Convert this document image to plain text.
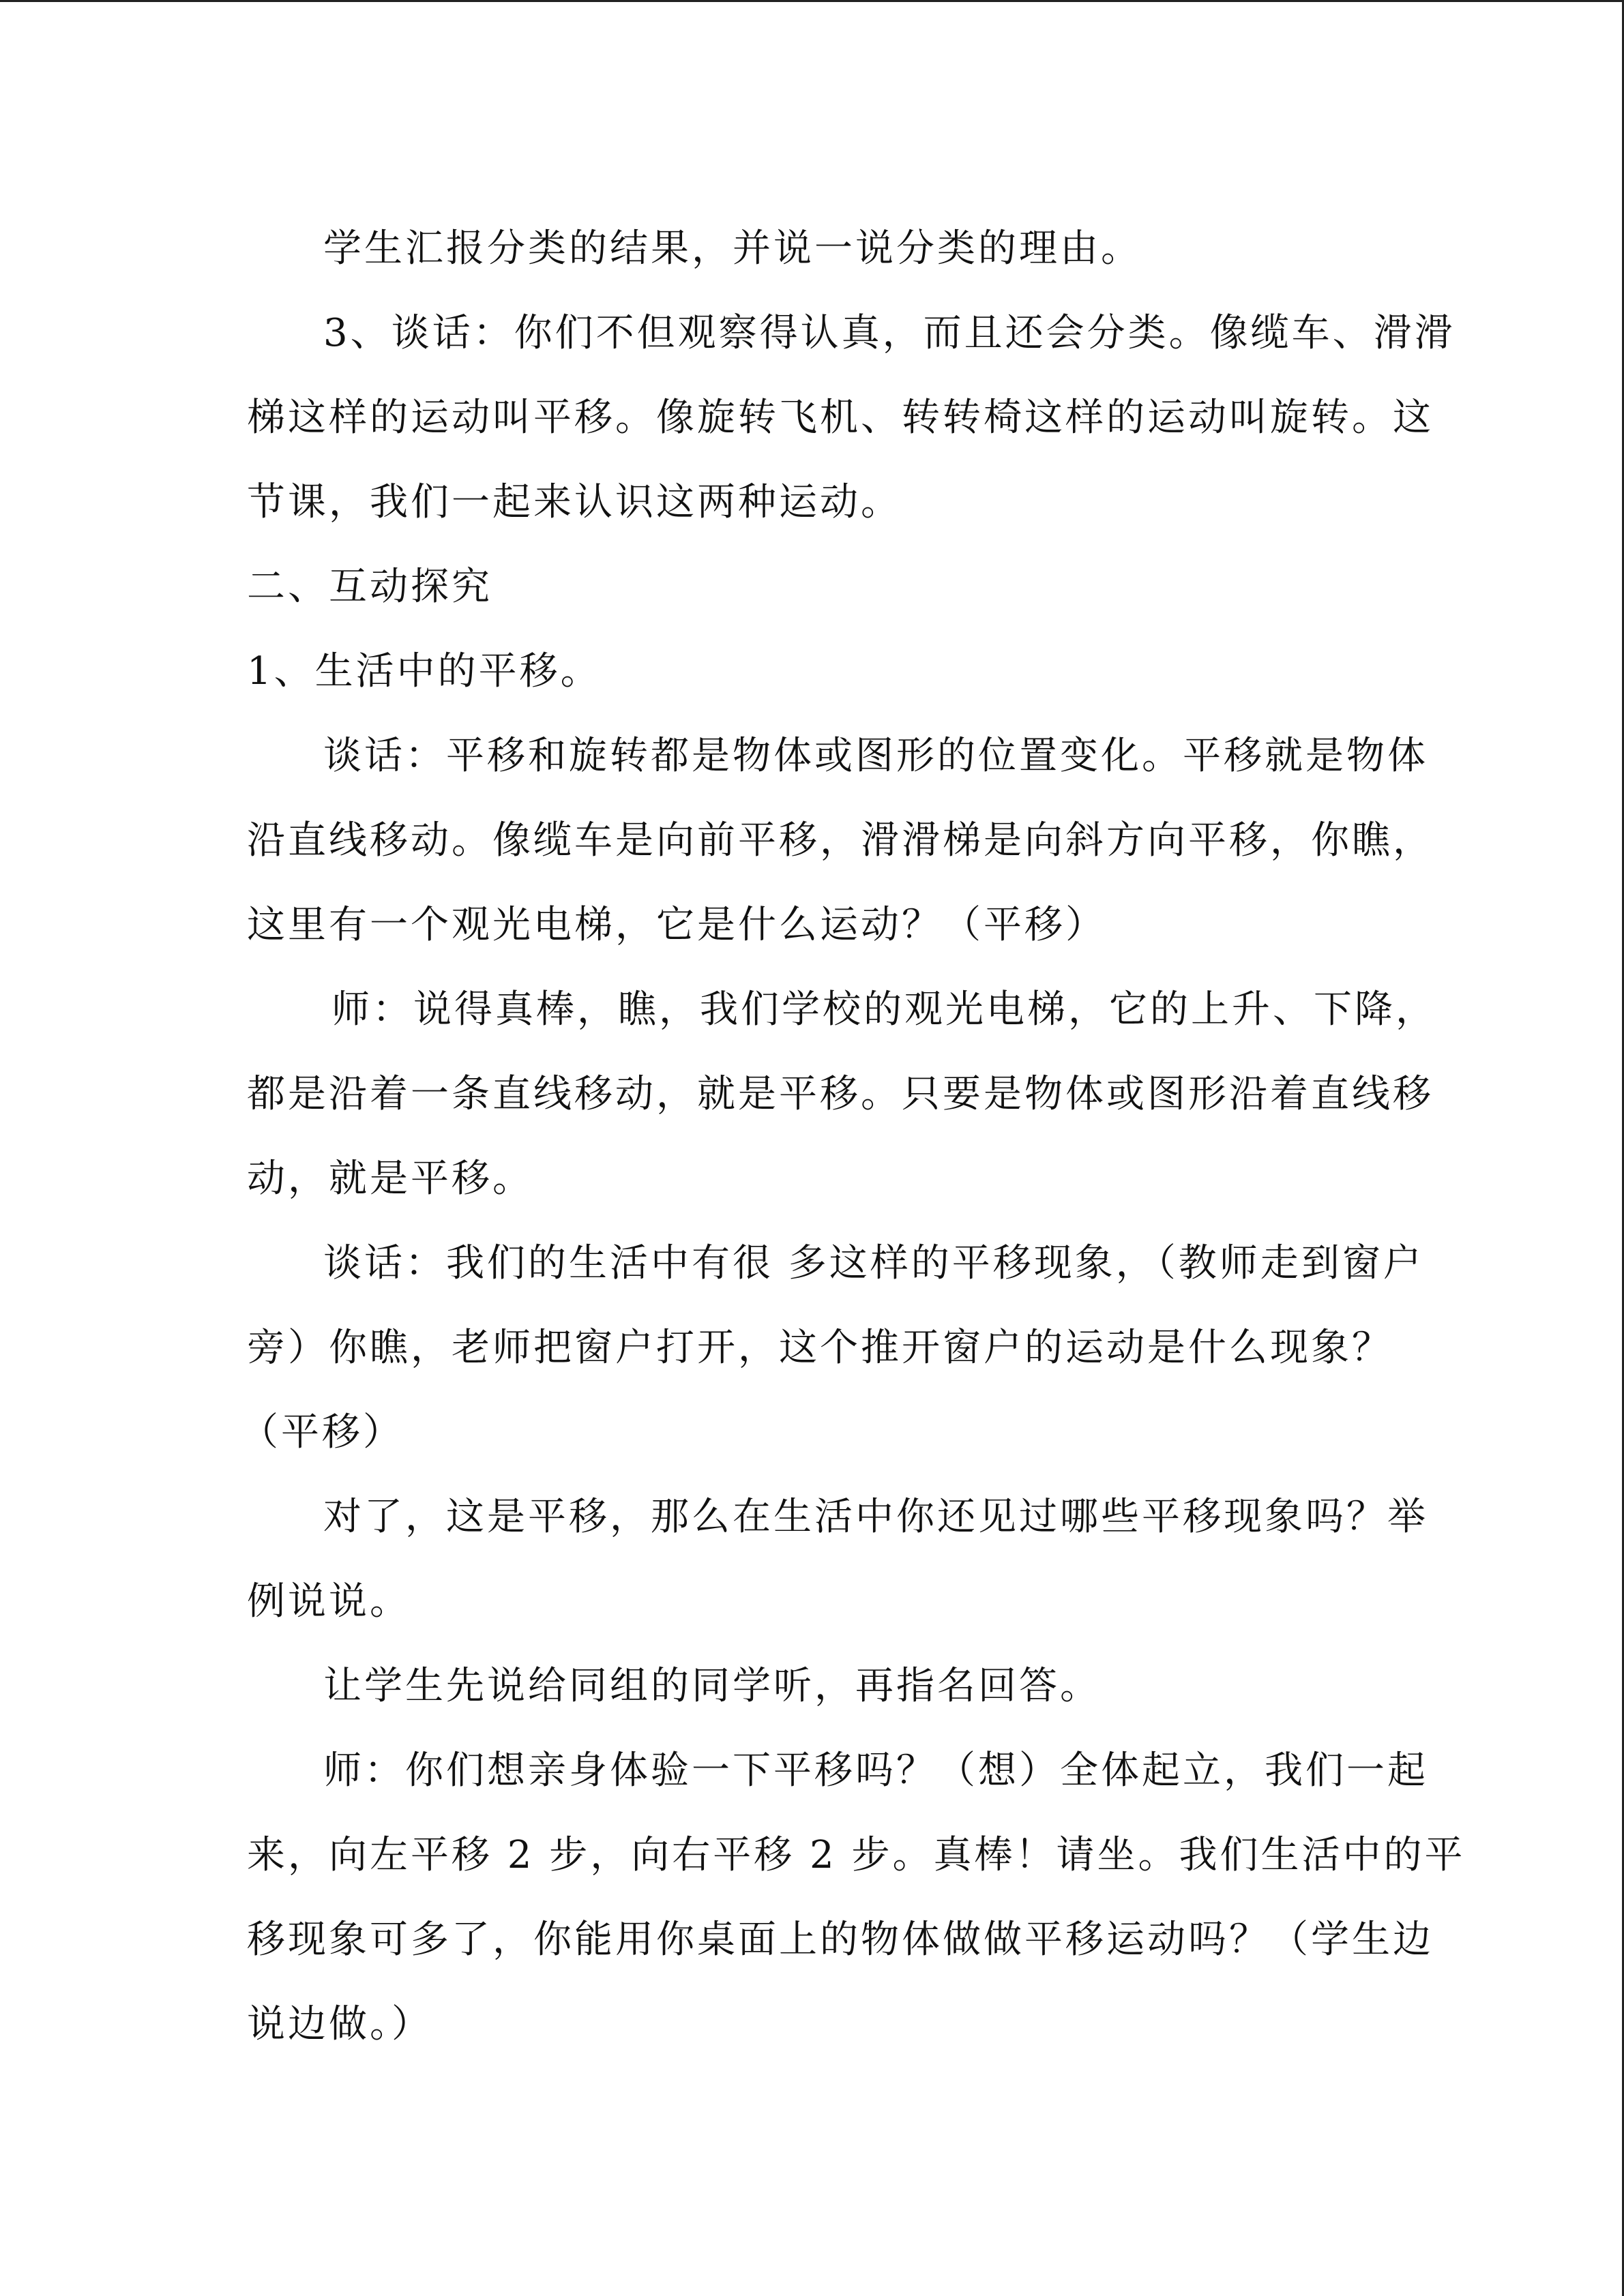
学生汇报分类的结果，并说一说分类的理由。
3、谈话：你们不但观察得认真，而且还会分类。像缆车、滑滑
梯这样的运动叫平移。像旋转飞机、转转椅这样的运动叫旋转。这
节课，我们一起来认识这两种运动。
二、互动探究
1、生活中的平移。
谈话：平移和旋转都是物体或图形的位置变化。平移就是物体
沿直线移动。像缆车是向前平移，滑滑梯是向斜方向平移，你瞧，
这里有一个观光电梯，它是什么运动？（平移）
师：说得真棒，瞧，我们学校的观光电梯，它的上升、下降，
都是沿着一条直线移动，就是平移。只要是物体或图形沿着直线移
动，就是平移。
谈话：我们的生活中有很 多这样的平移现象，（教师走到窗户
旁）你瞧，老师把窗户打开，这个推开窗户的运动是什么现象？
（平移）
对了，这是平移，那么在生活中你还见过哪些平移现象吗？举
例说说。
让学生先说给同组的同学听，再指名回答。
师：你们想亲身体验一下平移吗？（想）全体起立，我们一起
来，向左平移 2 步，向右平移 2 步。真棒！请坐。我们生活中的平
移现象可多了，你能用你桌面上的物体做做平移运动吗？（学生边
说边做。）
